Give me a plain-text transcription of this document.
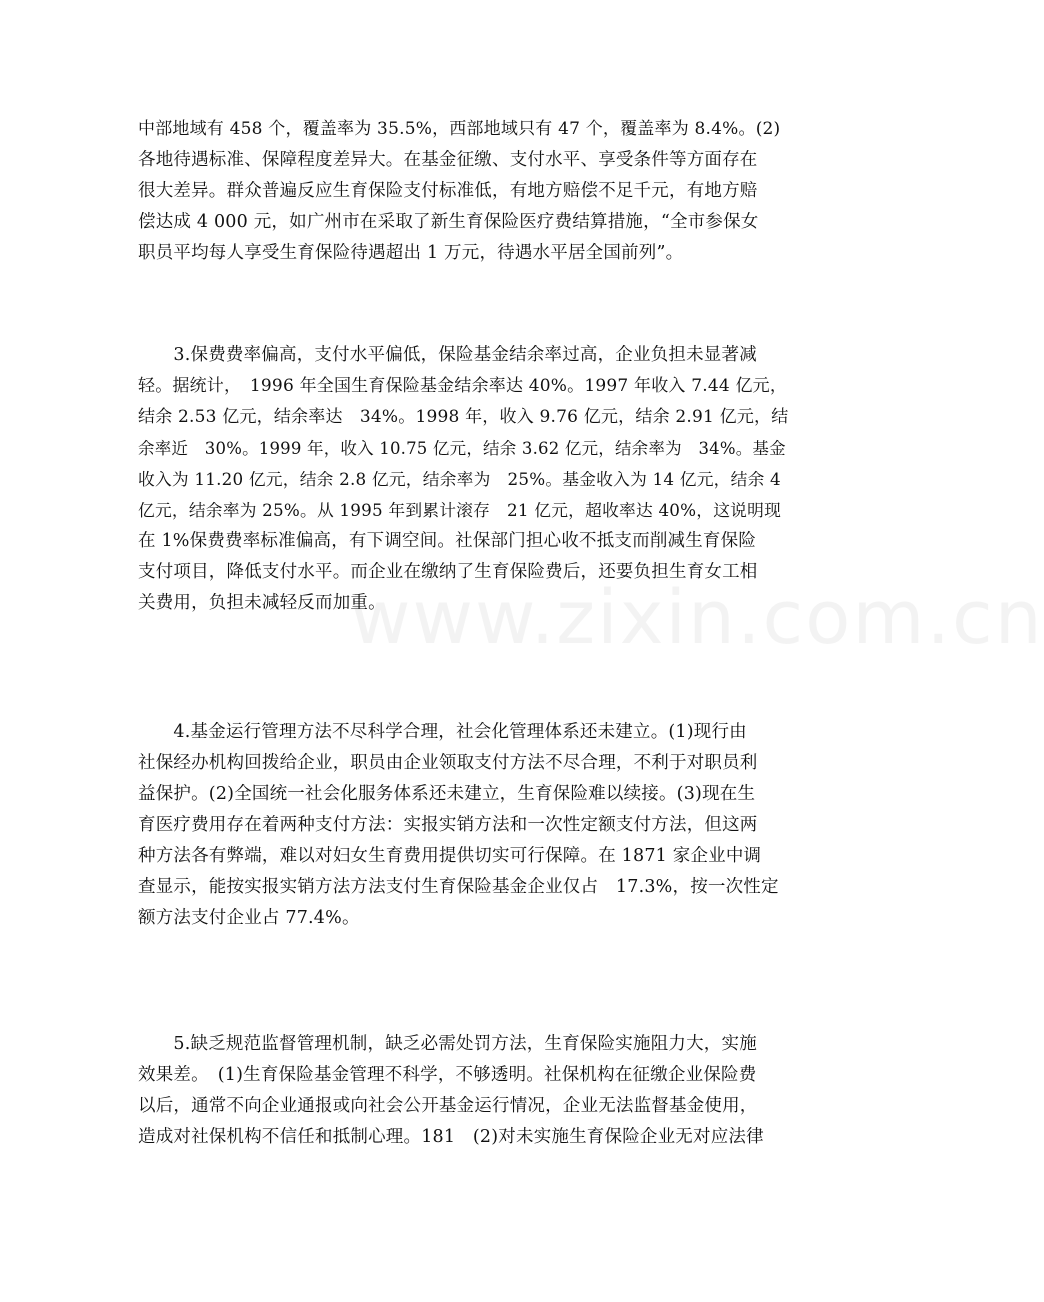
中部地域有 458 个，覆盖率为 35.5%，西部地域只有 47 个，覆盖率为 8.4%。(2)
各地待遇标准、保障程度差异大。在基金征缴、支付水平、享受条件等方面存在
很大差异。群众普遍反应生育保险支付标准低，有地方赔偿不足千元，有地方赔
偿达成 4 000 元，如广州市在采取了新生育保险医疗费结算措施，“全市参保女
职员平均每人享受生育保险待遇超出 1 万元，待遇水平居全国前列”。
　　3.保费费率偏高，支付水平偏低，保险基金结余率过高，企业负担未显著减
轻。据统计，　1996 年全国生育保险基金结余率达 40%。1997 年收入 7.44 亿元，
结余 2.53 亿元，结余率达　34%。1998 年，收入 9.76 亿元，结余 2.91 亿元，结
余率近　30%。1999 年，收入 10.75 亿元，结余 3.62 亿元，结余率为　34%。基金
收入为 11.20 亿元，结余 2.8 亿元，结余率为　25%。基金收入为 14 亿元，结余 4
亿元，结余率为 25%。从 1995 年到累计滚存　21 亿元，超收率达 40%，这说明现
在 1%保费费率标准偏高，有下调空间。社保部门担心收不抵支而削减生育保险
支付项目，降低支付水平。而企业在缴纳了生育保险费后，还要负担生育女工相
关费用，负担未减轻反而加重。
　　4.基金运行管理方法不尽科学合理，社会化管理体系还未建立。(1)现行由
社保经办机构回拨给企业，职员由企业领取支付方法不尽合理，不利于对职员利
益保护。(2)全国统一社会化服务体系还未建立，生育保险难以续接。(3)现在生
育医疗费用存在着两种支付方法：实报实销方法和一次性定额支付方法，但这两
种方法各有弊端，难以对妇女生育费用提供切实可行保障。在 1871 家企业中调
查显示，能按实报实销方法方法支付生育保险基金企业仅占　17.3%，按一次性定
额方法支付企业占 77.4%。
　　5.缺乏规范监督管理机制，缺乏必需处罚方法，生育保险实施阻力大，实施
效果差。　(1)生育保险基金管理不科学，不够透明。社保机构在征缴企业保险费
以后，通常不向企业通报或向社会公开基金运行情况，企业无法监督基金使用，
造成对社保机构不信任和抵制心理。181　(2)对未实施生育保险企业无对应法律
www.zixin.com.cn
